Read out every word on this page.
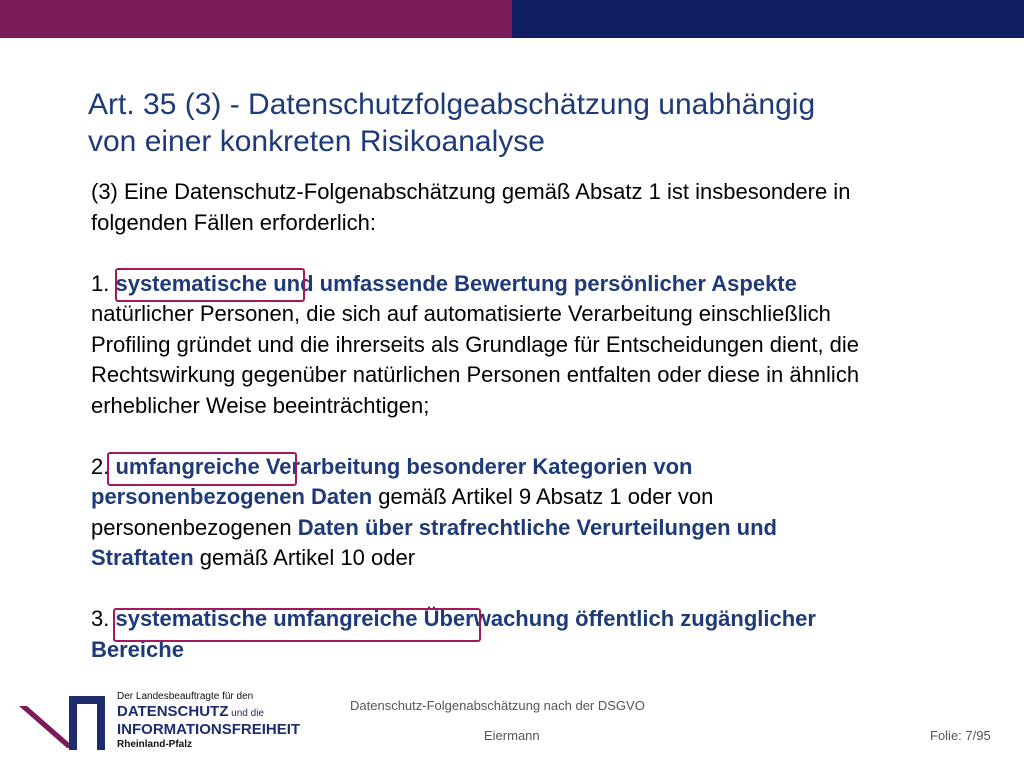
Art. 35 (3) - Datenschutzfolgeabschätzung unabhängig
von einer konkreten Risikoanalyse
(3) Eine Datenschutz-Folgenabschätzung gemäß Absatz 1 ist insbesondere in
folgenden Fällen erforderlich:
1. systematische und umfassende Bewertung persönlicher Aspekte
natürlicher Personen, die sich auf automatisierte Verarbeitung einschließlich
Profiling gründet und die ihrerseits als Grundlage für Entscheidungen dient, die
Rechtswirkung gegenüber natürlichen Personen entfalten oder diese in ähnlich
erheblicher Weise beeinträchtigen;
2. umfangreiche Verarbeitung besonderer Kategorien von
personenbezogenen Daten gemäß Artikel 9 Absatz 1 oder von
personenbezogenen Daten über strafrechtliche Verurteilungen und
Straftaten gemäß Artikel 10 oder
3. systematische umfangreiche Überwachung öffentlich zugänglicher
Bereiche
Der Landesbeauftragte für den
DATENSCHUTZ und die
INFORMATIONSFREIHEIT
Rheinland-Pfalz
Datenschutz-Folgenabschätzung nach der DSGVO
Eiermann	Folie: 7/95
